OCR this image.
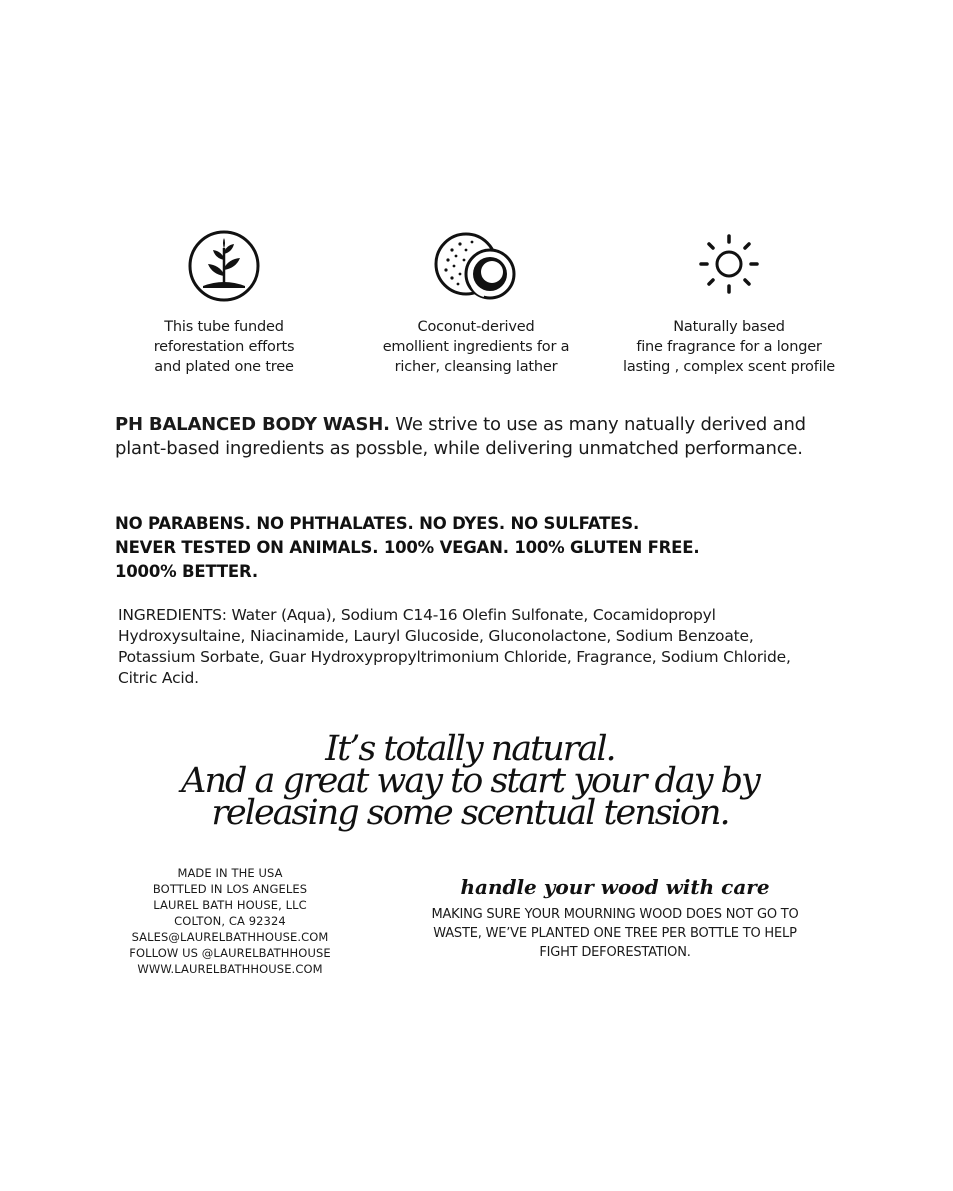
This tube funded
reforestation efforts
and plated one tree
Coconut-derived
emollient ingredients for a
richer, cleansing lather
Naturally based
fine fragrance for a longer
lasting , complex scent profile
PH BALANCED BODY WASH. We strive to use as many natually derived and plant-based ingredients as possble, while delivering unmatched performance.
NO PARABENS. NO PHTHALATES. NO DYES. NO SULFATES.
NEVER TESTED ON ANIMALS. 100% VEGAN. 100% GLUTEN FREE.
1000% BETTER.
INGREDIENTS: Water (Aqua), Sodium C14-16 Olefin Sulfonate, Cocamidopropyl Hydroxysultaine, Niacinamide, Lauryl Glucoside, Gluconolactone, Sodium Benzoate, Potassium Sorbate, Guar Hydroxypropyltrimonium Chloride, Fragrance, Sodium Chloride, Citric Acid.
It’s totally natural.
And a great way to start your day by
releasing some scentual tension.
MADE IN THE USA
BOTTLED IN LOS ANGELES
LAUREL BATH HOUSE, LLC
COLTON, CA 92324
SALES@LAURELBATHHOUSE.COM
FOLLOW US @LAURELBATHHOUSE
WWW.LAURELBATHHOUSE.COM
handle your wood with care
MAKING SURE YOUR MOURNING WOOD DOES NOT GO TO
WASTE, WE’VE PLANTED ONE TREE PER BOTTLE TO HELP
FIGHT DEFORESTATION.
